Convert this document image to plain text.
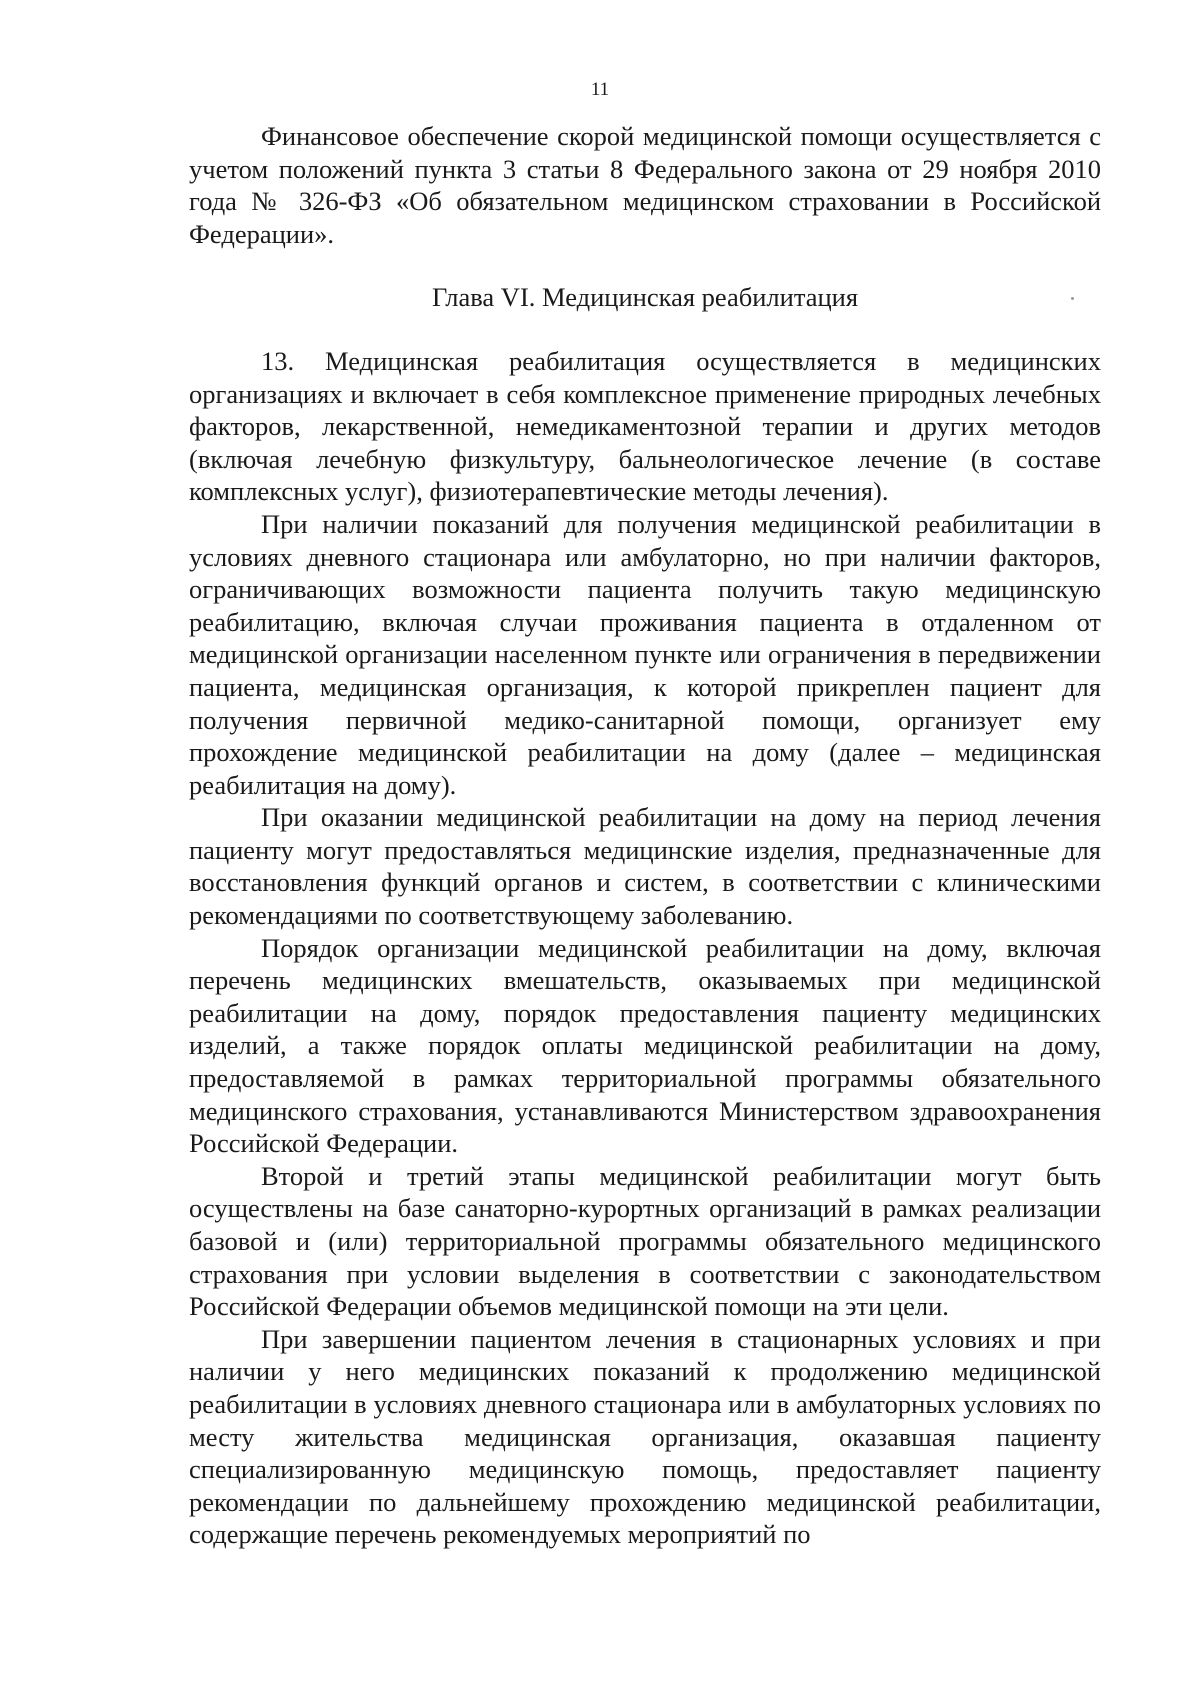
11

Финансовое обеспечение скорой медицинской помощи осуществляется с учетом положений пункта 3 статьи 8 Федерального закона от 29 ноября 2010 года № 326-ФЗ «Об обязательном медицинском страховании в Российской Федерации».

Глава VI. Медицинская реабилитация

13. Медицинская реабилитация осуществляется в медицинских организациях и включает в себя комплексное применение природных лечебных факторов, лекарственной, немедикаментозной терапии и других методов (включая лечебную физкультуру, бальнеологическое лечение (в составе комплексных услуг), физиотерапевтические методы лечения).

При наличии показаний для получения медицинской реабилитации в условиях дневного стационара или амбулаторно, но при наличии факторов, ограничивающих возможности пациента получить такую медицинскую реабилитацию, включая случаи проживания пациента в отдаленном от медицинской организации населенном пункте или ограничения в передвижении пациента, медицинская организация, к которой прикреплен пациент для получения первичной медико-санитарной помощи, организует ему прохождение медицинской реабилитации на дому (далее – медицинская реабилитация на дому).

При оказании медицинской реабилитации на дому на период лечения пациенту могут предоставляться медицинские изделия, предназначенные для восстановления функций органов и систем, в соответствии с клиническими рекомендациями по соответствующему заболеванию.

Порядок организации медицинской реабилитации на дому, включая перечень медицинских вмешательств, оказываемых при медицинской реабилитации на дому, порядок предоставления пациенту медицинских изделий, а также порядок оплаты медицинской реабилитации на дому, предоставляемой в рамках территориальной программы обязательного медицинского страхования, устанавливаются Министерством здравоохранения Российской Федерации.

Второй и третий этапы медицинской реабилитации могут быть осуществлены на базе санаторно-курортных организаций в рамках реализации базовой и (или) территориальной программы обязательного медицинского страхования при условии выделения в соответствии с законодательством Российской Федерации объемов медицинской помощи на эти цели.

При завершении пациентом лечения в стационарных условиях и при наличии у него медицинских показаний к продолжению медицинской реабилитации в условиях дневного стационара или в амбулаторных условиях по месту жительства медицинская организация, оказавшая пациенту специализированную медицинскую помощь, предоставляет пациенту рекомендации по дальнейшему прохождению медицинской реабилитации, содержащие перечень рекомендуемых мероприятий по
